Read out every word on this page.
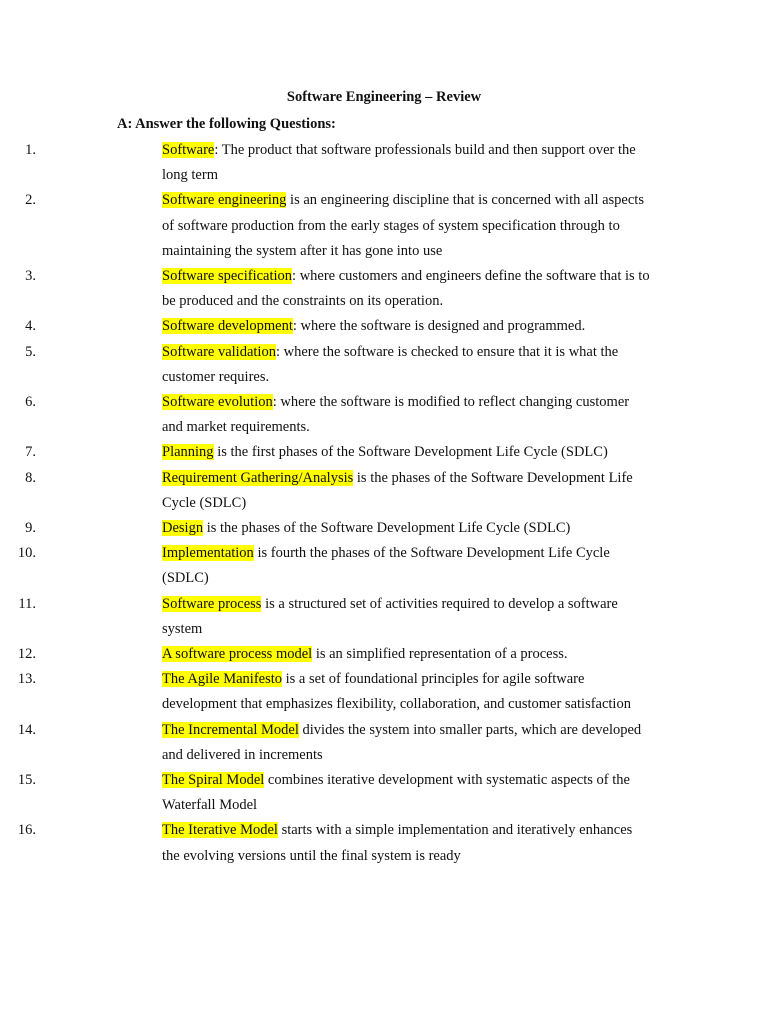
Software Engineering – Review
A: Answer the following Questions:
1.	Software: The product that software professionals build and then support over the long term
2.	Software engineering is an engineering discipline that is concerned with all aspects of software production from the early stages of system specification through to maintaining the system after it has gone into use
3.	Software specification: where customers and engineers define the software that is to be produced and the constraints on its operation.
4.	Software development: where the software is designed and programmed.
5.	Software validation: where the software is checked to ensure that it is what the customer requires.
6.	Software evolution: where the software is modified to reflect changing customer and market requirements.
7.	Planning is the first phases of the Software Development Life Cycle (SDLC)
8.	Requirement Gathering/Analysis is the phases of the Software Development Life Cycle (SDLC)
9.	Design is the phases of the Software Development Life Cycle (SDLC)
10.	Implementation is fourth the phases of the Software Development Life Cycle (SDLC)
11.	Software process is a structured set of activities required to develop a software system
12.	A software process model is an simplified representation of a process.
13.	The Agile Manifesto is a set of foundational principles for agile software development that emphasizes flexibility, collaboration, and customer satisfaction
14.	The Incremental Model divides the system into smaller parts, which are developed and delivered in increments
15.	The Spiral Model combines iterative development with systematic aspects of the Waterfall Model
16.	The Iterative Model starts with a simple implementation and iteratively enhances the evolving versions until the final system is ready
